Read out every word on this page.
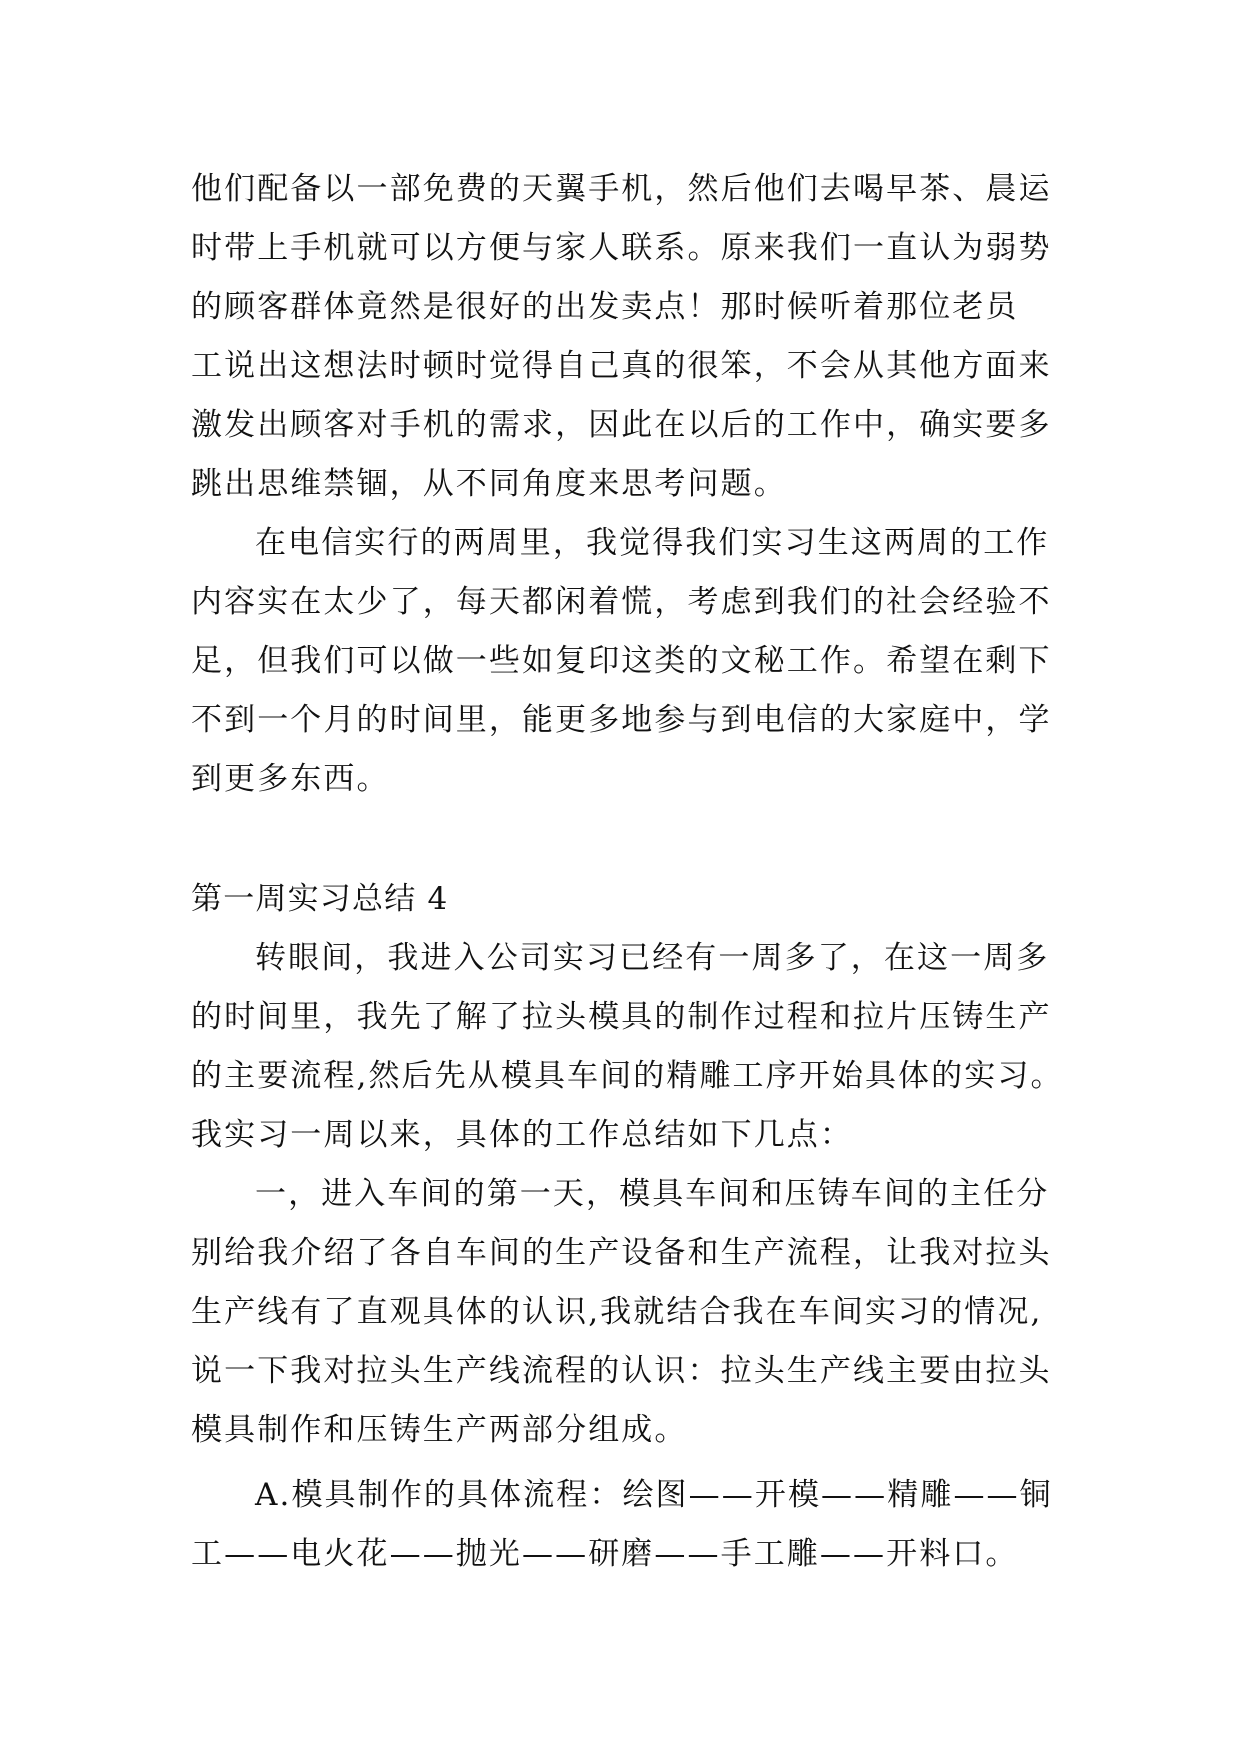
他们配备以一部免费的天翼手机，然后他们去喝早茶、晨运
时带上手机就可以方便与家人联系。原来我们一直认为弱势
的顾客群体竟然是很好的出发卖点！那时候听着那位老员
工说出这想法时顿时觉得自己真的很笨，不会从其他方面来
激发出顾客对手机的需求，因此在以后的工作中，确实要多
跳出思维禁锢，从不同角度来思考问题。
在电信实行的两周里，我觉得我们实习生这两周的工作
内容实在太少了，每天都闲着慌，考虑到我们的社会经验不
足，但我们可以做一些如复印这类的文秘工作。希望在剩下
不到一个月的时间里，能更多地参与到电信的大家庭中，学
到更多东西。
第一周实习总结 4
转眼间，我进入公司实习已经有一周多了，在这一周多
的时间里，我先了解了拉头模具的制作过程和拉片压铸生产
的主要流程,然后先从模具车间的精雕工序开始具体的实习。
我实习一周以来，具体的工作总结如下几点：
一，进入车间的第一天，模具车间和压铸车间的主任分
别给我介绍了各自车间的生产设备和生产流程，让我对拉头
生产线有了直观具体的认识,我就结合我在车间实习的情况,
说一下我对拉头生产线流程的认识：拉头生产线主要由拉头
模具制作和压铸生产两部分组成。
A.模具制作的具体流程：绘图——开模——精雕——铜
工——电火花——抛光——研磨——手工雕——开料口。
